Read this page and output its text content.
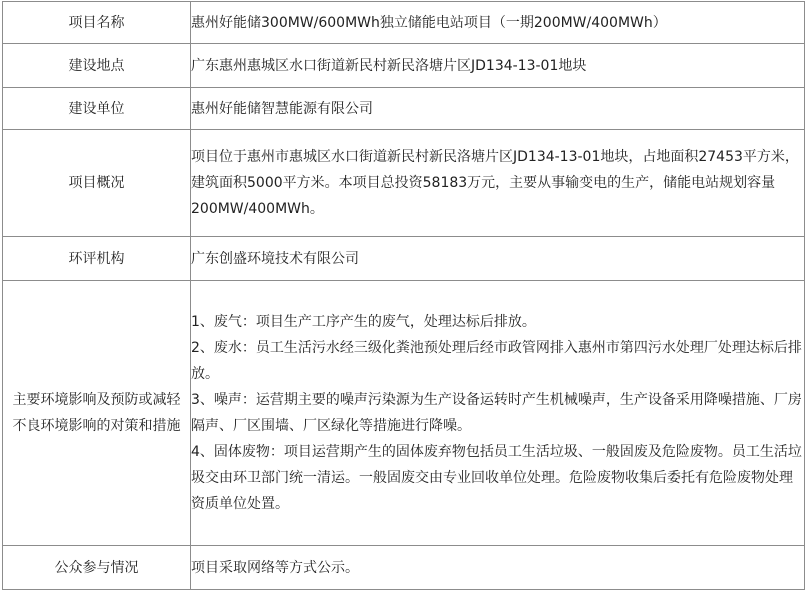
项目名称	惠州好能储300MW/600MWh独立储能电站项目（一期200MW/400MWh）
建设地点	广东惠州惠城区水口街道新民村新民洛塘片区JD134-13-01地块
建设单位	惠州好能储智慧能源有限公司
项目概况	项目位于惠州市惠城区水口街道新民村新民洛塘片区JD134-13-01地块，占地面积27453平方米，建筑面积5000平方米。本项目总投资58183万元，主要从事输变电的生产，储能电站规划容量200MW/400MWh。
环评机构	广东创盛环境技术有限公司
主要环境影响及预防或减轻不良环境影响的对策和措施	1、废气：项目生产工序产生的废气，处理达标后排放。
2、废水：员工生活污水经三级化粪池预处理后经市政管网排入惠州市第四污水处理厂处理达标后排放。
3、噪声：运营期主要的噪声污染源为生产设备运转时产生机械噪声，生产设备采用降噪措施、厂房隔声、厂区围墙、厂区绿化等措施进行降噪。
4、固体废物：项目运营期产生的固体废弃物包括员工生活垃圾、一般固废及危险废物。员工生活垃圾交由环卫部门统一清运。一般固废交由专业回收单位处理。危险废物收集后委托有危险废物处理资质单位处置。

公众参与情况	项目采取网络等方式公示。
